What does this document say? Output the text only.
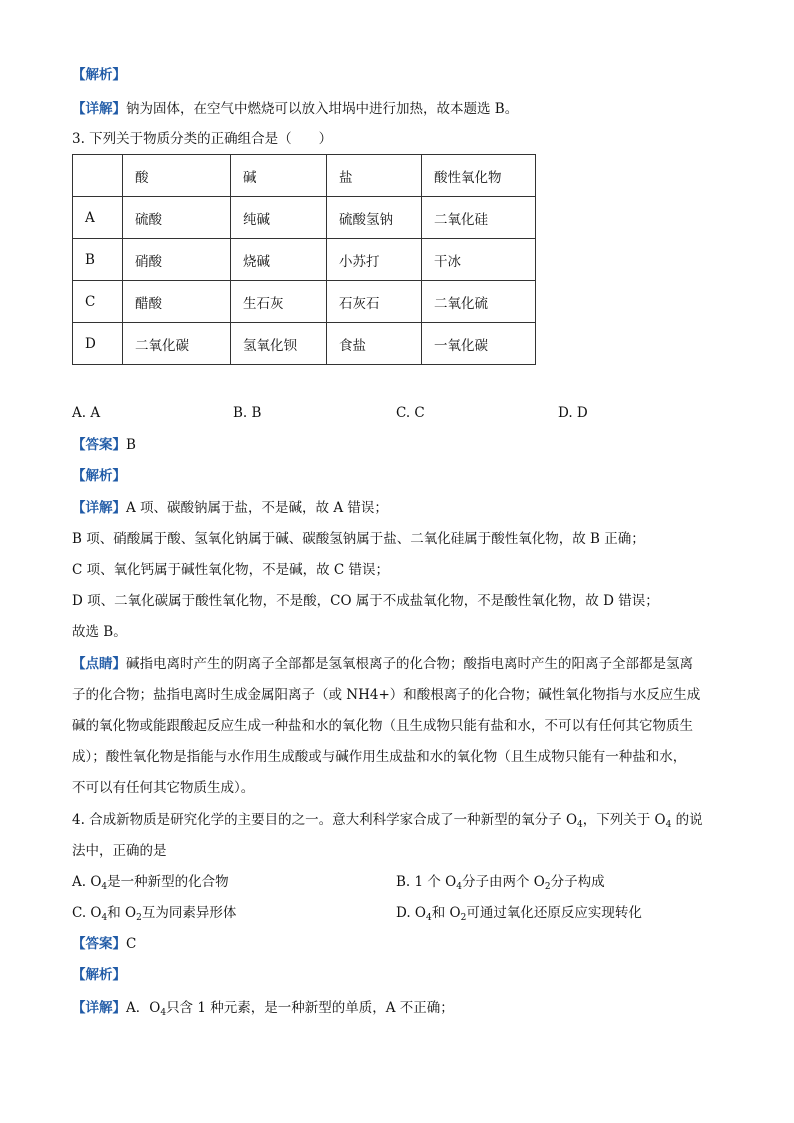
【解析】
【详解】钠为固体，在空气中燃烧可以放入坩埚中进行加热，故本题选 B。
3. 下列关于物质分类的正确组合是（　　）
	酸	碱	盐	酸性氧化物
A	硫酸	纯碱	硫酸氢钠	二氧化硅
B	硝酸	烧碱	小苏打	干冰
C	醋酸	生石灰	石灰石	二氧化硫
D	二氧化碳	氢氧化钡	食盐	一氧化碳
A. A	B. B	C. C	D. D
【答案】B
【解析】
【详解】A 项、碳酸钠属于盐，不是碱，故 A 错误；
B 项、硝酸属于酸、氢氧化钠属于碱、碳酸氢钠属于盐、二氧化硅属于酸性氧化物，故 B 正确；
C 项、氧化钙属于碱性氧化物，不是碱，故 C 错误；
D 项、二氧化碳属于酸性氧化物，不是酸，CO 属于不成盐氧化物，不是酸性氧化物，故 D 错误；
故选 B。
【点睛】碱指电离时产生的阴离子全部都是氢氧根离子的化合物；酸指电离时产生的阳离子全部都是氢离
子的化合物；盐指电离时生成金属阳离子（或 NH4+）和酸根离子的化合物；碱性氧化物指与水反应生成
碱的氧化物或能跟酸起反应生成一种盐和水的氧化物（且生成物只能有盐和水，不可以有任何其它物质生
成）；酸性氧化物是指能与水作用生成酸或与碱作用生成盐和水的氧化物（且生成物只能有一种盐和水，
不可以有任何其它物质生成）。
4. 合成新物质是研究化学的主要目的之一。意大利科学家合成了一种新型的氧分子 $O_4$，下列关于 $O_4$ 的说
法中，正确的是
A. $O_4$是一种新型的化合物	B. 1 个 $O_4$分子由两个 $O_2$分子构成
C. $O_4$和 $O_2$互为同素异形体	D. $O_4$和 $O_2$可通过氧化还原反应实现转化
【答案】C
【解析】
【详解】A．$O_4$只含 1 种元素，是一种新型的单质，A 不正确；
